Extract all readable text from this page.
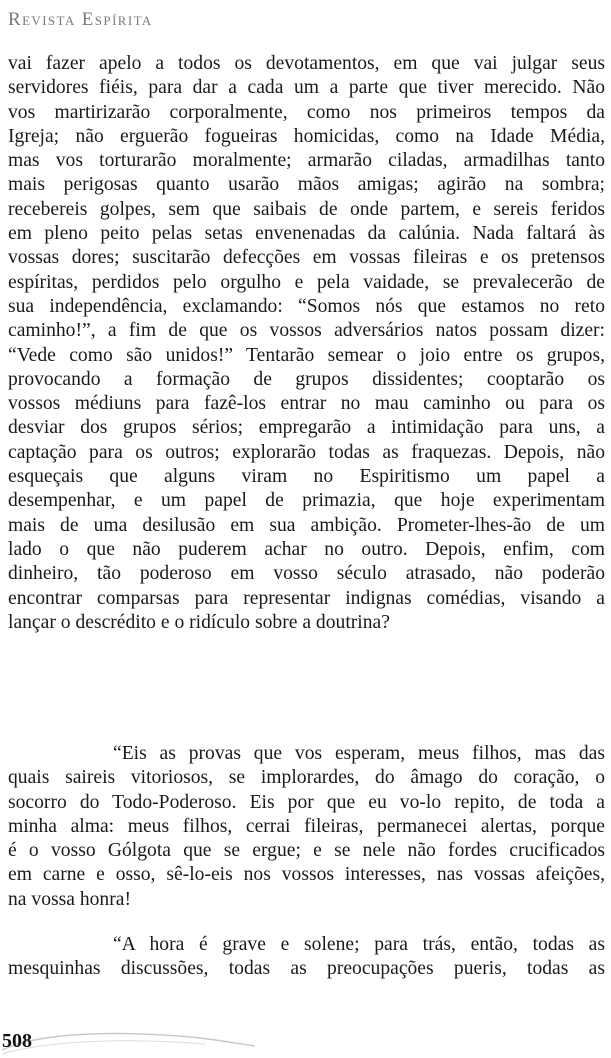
Revista Espírita
vai fazer apelo a todos os devotamentos, em que vai julgar seus
servidores fiéis, para dar a cada um a parte que tiver merecido. Não
vos martirizarão corporalmente, como nos primeiros tempos da
Igreja; não erguerão fogueiras homicidas, como na Idade Média,
mas vos torturarão moralmente; armarão ciladas, armadilhas tanto
mais perigosas quanto usarão mãos amigas; agirão na sombra;
recebereis golpes, sem que saibais de onde partem, e sereis feridos
em pleno peito pelas setas envenenadas da calúnia. Nada faltará às
vossas dores; suscitarão defecções em vossas fileiras e os pretensos
espíritas, perdidos pelo orgulho e pela vaidade, se prevalecerão de
sua independência, exclamando: “Somos nós que estamos no reto
caminho!”, a fim de que os vossos adversários natos possam dizer:
“Vede como são unidos!” Tentarão semear o joio entre os grupos,
provocando a formação de grupos dissidentes; cooptarão os
vossos médiuns para fazê-los entrar no mau caminho ou para os
desviar dos grupos sérios; empregarão a intimidação para uns, a
captação para os outros; explorarão todas as fraquezas. Depois, não
esqueçais que alguns viram no Espiritismo um papel a
desempenhar, e um papel de primazia, que hoje experimentam
mais de uma desilusão em sua ambição. Prometer-lhes-ão de um
lado o que não puderem achar no outro. Depois, enfim, com
dinheiro, tão poderoso em vosso século atrasado, não poderão
encontrar comparsas para representar indignas comédias, visando a
lançar o descrédito e o ridículo sobre a doutrina?
“Eis as provas que vos esperam, meus filhos, mas das
quais saireis vitoriosos, se implorardes, do âmago do coração, o
socorro do Todo-Poderoso. Eis por que eu vo-lo repito, de toda a
minha alma: meus filhos, cerrai fileiras, permanecei alertas, porque
é o vosso Gólgota que se ergue; e se nele não fordes crucificados
em carne e osso, sê-lo-eis nos vossos interesses, nas vossas afeições,
na vossa honra!
“A hora é grave e solene; para trás, então, todas as
mesquinhas discussões, todas as preocupações pueris, todas as
508
